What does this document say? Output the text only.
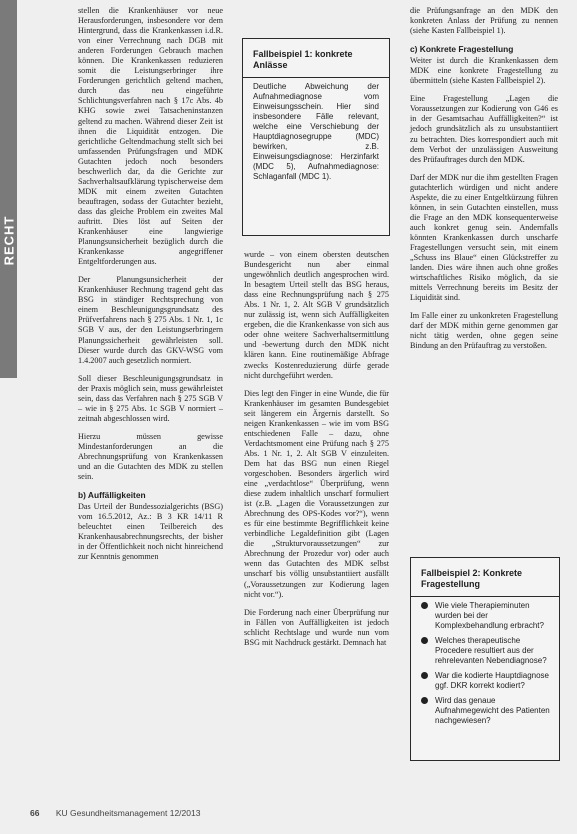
RECHT

stellen die Krankenhäuser vor neue Herausforderungen, insbesondere vor dem Hintergrund, dass die Krankenkassen i.d.R. von einer Verrechnung nach DGB mit anderen Forderungen Gebrauch machen können. Die Krankenkassen reduzieren somit die Leistungserbringer ihre Forderungen gerichtlich geltend machen, durch das neu eingeführte Schlichtungsverfahren nach § 17c Abs. 4b KHG sowie zwei Tatsacheninstanzen geltend zu machen. Während dieser Zeit ist ihnen die Liquidität entzogen. Die gerichtliche Geltendmachung stellt sich bei umfassenden Prüfungsfragen und MDK Gutachten jedoch noch besonders beschwerlich dar, da die Gerichte zur Sachverhaltsaufklärung typischerweise dem MDK mit einem zweiten Gutachten beauftragen, sodass der Gutachter bezieht, dass das gleiche Problem ein zweites Mal auftritt. Dies löst auf Seiten der Krankenhäuser eine langwierige Planungsunsicherheit bezüglich durch die Krankenkasse angegriffener Entgeltforderungen aus.

Der Planungsunsicherheit der Krankenhäuser Rechnung tragend geht das BSG in ständiger Rechtsprechung von einem Beschleunigungsgrundsatz des Prüfverfahrens nach § 275 Abs. 1 Nr. 1, 1c SGB V aus, der den Leistungserbringern Planungssicherheit gewährleisten soll. Dieser wurde durch das GKV-WSG vom 1.4.2007 auch gesetzlich normiert.

Soll dieser Beschleunigungsgrundsatz in der Praxis möglich sein, muss gewährleistet sein, dass das Verfahren nach § 275 SGB V – wie in § 275 Abs. 1c SGB V normiert – zeitnah abgeschlossen wird.

Hierzu müssen gewisse Mindestanforderungen an die Abrechnungsprüfung von Krankenkassen und an die Gutachten des MDK zu stellen sein.

b) Auffälligkeiten

Das Urteil der Bundessozialgerichts (BSG) vom 16.5.2012, Az.: B 3 KR 14/11 R beleuchtet einen Teilbereich des Krankenhausabrechnungsrechts, der bisher in der Öffentlichkeit noch nicht hinreichend zur Kenntnis genommen

Fallbeispiel 1: konkrete Anlässe
Deutliche Abweichung der Aufnahmediagnose vom Einweisungsschein. Hier sind insbesondere Fälle relevant, welche eine Verschiebung der Hauptdiagnosegruppe (MDC) bewirken, z.B. Einweisungsdiagnose: Herzinfarkt (MDC 5), Aufnahmediagnose: Schlaganfall (MDC 1).

wurde – von einem obersten deutschen Bundesgericht nun aber einmal ungewöhnlich deutlich angesprochen wird. In besagtem Urteil stellt das BSG heraus, dass eine Rechnungsprüfung nach § 275 Abs. 1 Nr. 1, 2. Alt SGB V grundsätzlich nur zulässig ist, wenn sich Auffälligkeiten ergeben, die die Krankenkasse von sich aus oder ohne weitere Sachverhaltsermittlung und -bewertung durch den MDK nicht klären kann. Eine routinemäßige Abfrage zwecks Kostenreduzierung dürfe gerade nicht durchgeführt werden.

Dies legt den Finger in eine Wunde, die für Krankenhäuser im gesamten Bundesgebiet seit längerem ein Ärgernis darstellt. So neigen Krankenkassen – wie im vom BSG entschiedenen Falle – dazu, ohne Verdachtsmoment eine Prüfung nach § 275 Abs. 1 Nr. 1, 2. Alt SGB V einzuleiten. Dem hat das BSG nun einen Riegel vorgeschoben. Besonders ärgerlich wird eine „verdachtlose“ Überprüfung, wenn diese zudem inhaltlich unscharf formuliert ist (z.B. „Lagen die Voraussetzungen zur Abrechnung des OPS-Kodes vor?“), wenn es für eine bestimmte Begrifflichkeit keine verbindliche Legaldefinition gibt (Lagen die „Strukturvoraussetzungen“ zur Abrechnung der Prozedur vor) oder auch wenn das Gutachten des MDK selbst unscharf bis völlig unsubstantiiert ausfällt („Voraussetzungen zur Kodierung lagen nicht vor.“).

Die Forderung nach einer Überprüfung nur in Fällen von Auffälligkeiten ist jedoch schlicht Rechtslage und wurde nun vom BSG mit Nachdruck gestärkt. Demnach hat

die Prüfungsanfrage an den MDK den konkreten Anlass der Prüfung zu nennen (siehe Kasten Fallbeispiel 1).

c) Konkrete Fragestellung

Weiter ist durch die Krankenkassen dem MDK eine konkrete Fragestellung zu übermitteln (siehe Kasten Fallbeispiel 2).

Eine Fragestellung „Lagen die Voraussetzungen zur Kodierung von G46 es in der Gesamtsachau Auffälligkeiten?“ ist jedoch grundsätzlich als zu unsubstantiiert zu betrachten. Dies korrespondiert auch mit dem Verbot der unzulässigen Ausweitung des Prüfauftrages durch den MDK.

Darf der MDK nur die ihm gestellten Fragen gutachterlich würdigen und nicht andere Aspekte, die zu einer Entgeltkürzung führen können, in sein Gutachten einstellen, muss die Frage an den MDK konsequenterweise auch konkret genug sein. Andernfalls könnten Krankenkassen durch unscharfe Fragestellungen versucht sein, mit einem „Schuss ins Blaue“ einen Glückstreffer zu landen. Dies wäre ihnen auch ohne großes wirtschaftliches Risiko möglich, da sie mittels Verrechnung bereits im Besitz der Liquidität sind.

Im Falle einer zu unkonkreten Fragestellung darf der MDK mithin gerne genommen gar nicht tätig werden, ohne gegen seine Bindung an den Prüfauftrag zu verstoßen.

Fallbeispiel 2: Konkrete Fragestellung
Wie viele Therapieminuten wurden bei der Komplexbehandlung erbracht?
Welches therapeutische Procedere resultiert aus der rehrelevanten Nebendiagnose?
War die kodierte Hauptdiagnose ggf. DKR korrekt kodiert?
Wird das genaue Aufnahmegewicht des Patienten nachgewiesen?
66 KU Gesundheitsmanagement 12/2013
